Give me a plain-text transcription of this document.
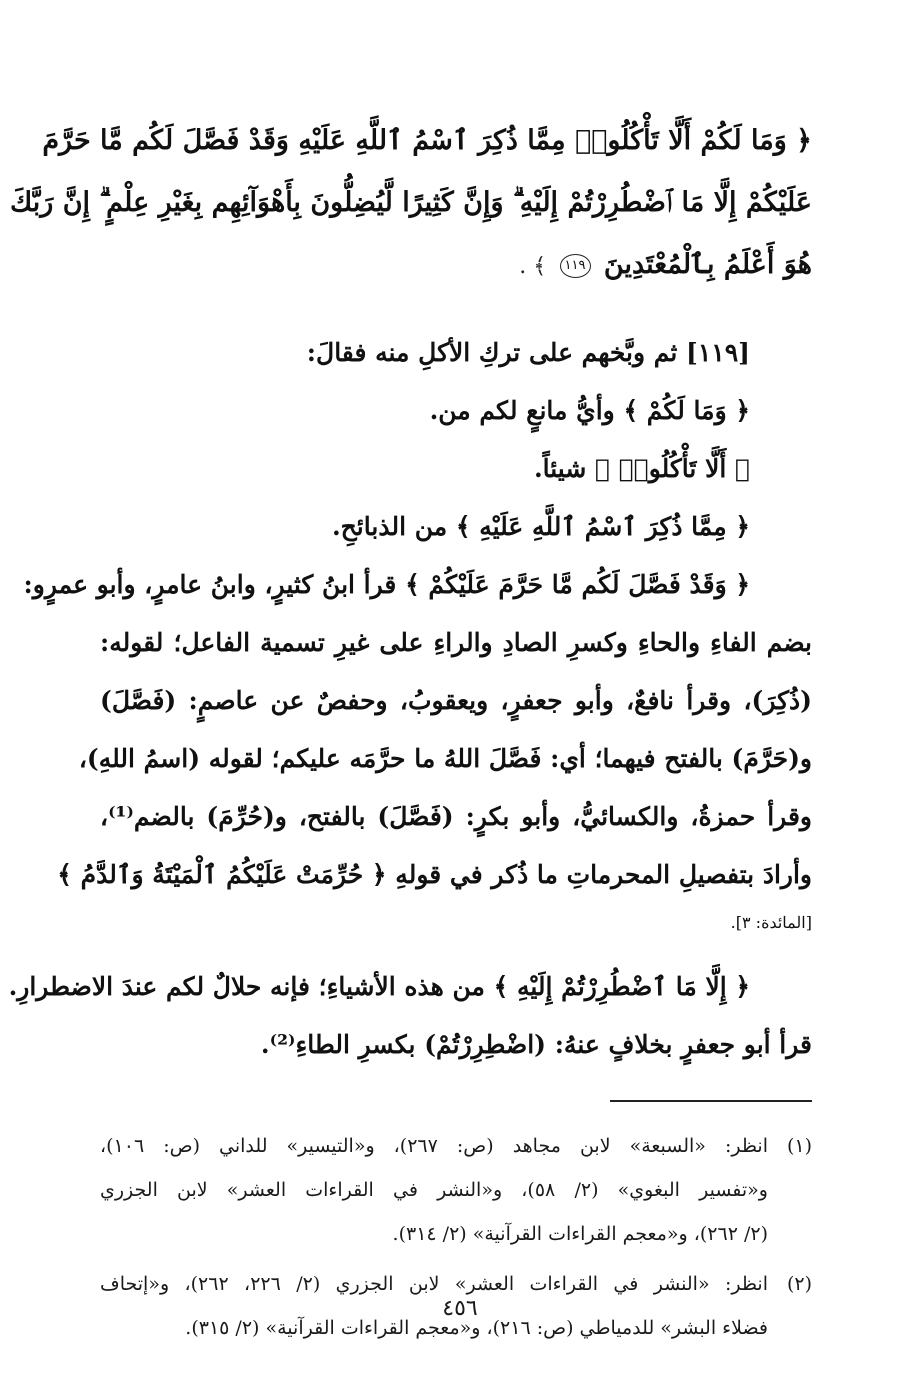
﴿ وَمَا لَكُمْ أَلَّا تَأْكُلُوا۟ مِمَّا ذُكِرَ ٱسْمُ ٱللَّهِ عَلَيْهِ وَقَدْ فَصَّلَ لَكُم مَّا حَرَّمَ
عَلَيْكُمْ إِلَّا مَا ٱضْطُرِرْتُمْ إِلَيْهِ ۗ وَإِنَّ كَثِيرًا لَّيُضِلُّونَ بِأَهْوَآئِهِم بِغَيْرِ عِلْمٍ ۗ إِنَّ رَبَّكَ
هُوَ أَعْلَمُ بِٱلْمُعْتَدِينَ ١١٩ ﴾ .
[١١٩] ثم وبَّخهم على تركِ الأكلِ منه فقالَ:
﴿ وَمَا لَكُمْ ﴾ وأيُّ مانعٍ لكم من.
﴿ أَلَّا تَأْكُلُوا۟ ﴾ شيئاً.
﴿ مِمَّا ذُكِرَ ٱسْمُ ٱللَّهِ عَلَيْهِ ﴾ من الذبائحِ.
﴿ وَقَدْ فَصَّلَ لَكُم مَّا حَرَّمَ عَلَيْكُمْ ﴾ قرأ ابنُ كثيرٍ، وابنُ عامرٍ، وأبو عمرٍو:
بضم الفاءِ والحاءِ وكسرِ الصادِ والراءِ على غيرِ تسمية الفاعل؛ لقوله:
(ذُكِرَ)، وقرأ نافعٌ، وأبو جعفرٍ، ويعقوبُ، وحفصٌ عن عاصمٍ: (فَصَّلَ)
و(حَرَّمَ) بالفتح فيهما؛ أي: فَصَّلَ اللهُ ما حرَّمَه عليكم؛ لقوله (اسمُ اللهِ)،
وقرأ حمزةُ، والكسائيُّ، وأبو بكرٍ: (فَصَّلَ) بالفتح، و(حُرِّمَ) بالضم⁽¹⁾،
وأرادَ بتفصيلِ المحرماتِ ما ذُكر في قولهِ ﴿ حُرِّمَتْ عَلَيْكُمُ ٱلْمَيْتَةُ وَٱلدَّمُ ﴾
[المائدة: ٣].
﴿ إِلَّا مَا ٱضْطُرِرْتُمْ إِلَيْهِ ﴾ من هذه الأشياءِ؛ فإنه حلالٌ لكم عندَ الاضطرارِ.
قرأ أبو جعفرٍ بخلافٍ عنهُ: (اضْطِرِرْتُمْ) بكسرِ الطاءِ⁽²⁾.
(١)
انظر: «السبعة» لابن مجاهد (ص: ٢٦٧)، و«التيسير» للداني (ص: ١٠٦)،
و«تفسير البغوي» (٢/ ٥٨)، و«النشر في القراءات العشر» لابن الجزري
(٢/ ٢٦٢)، و«معجم القراءات القرآنية» (٢/ ٣١٤).
(٢)
انظر: «النشر في القراءات العشر» لابن الجزري (٢/ ٢٢٦، ٢٦٢)، و«إتحاف
فضلاء البشر» للدمياطي (ص: ٢١٦)، و«معجم القراءات القرآنية» (٢/ ٣١٥).
٤٥٦
